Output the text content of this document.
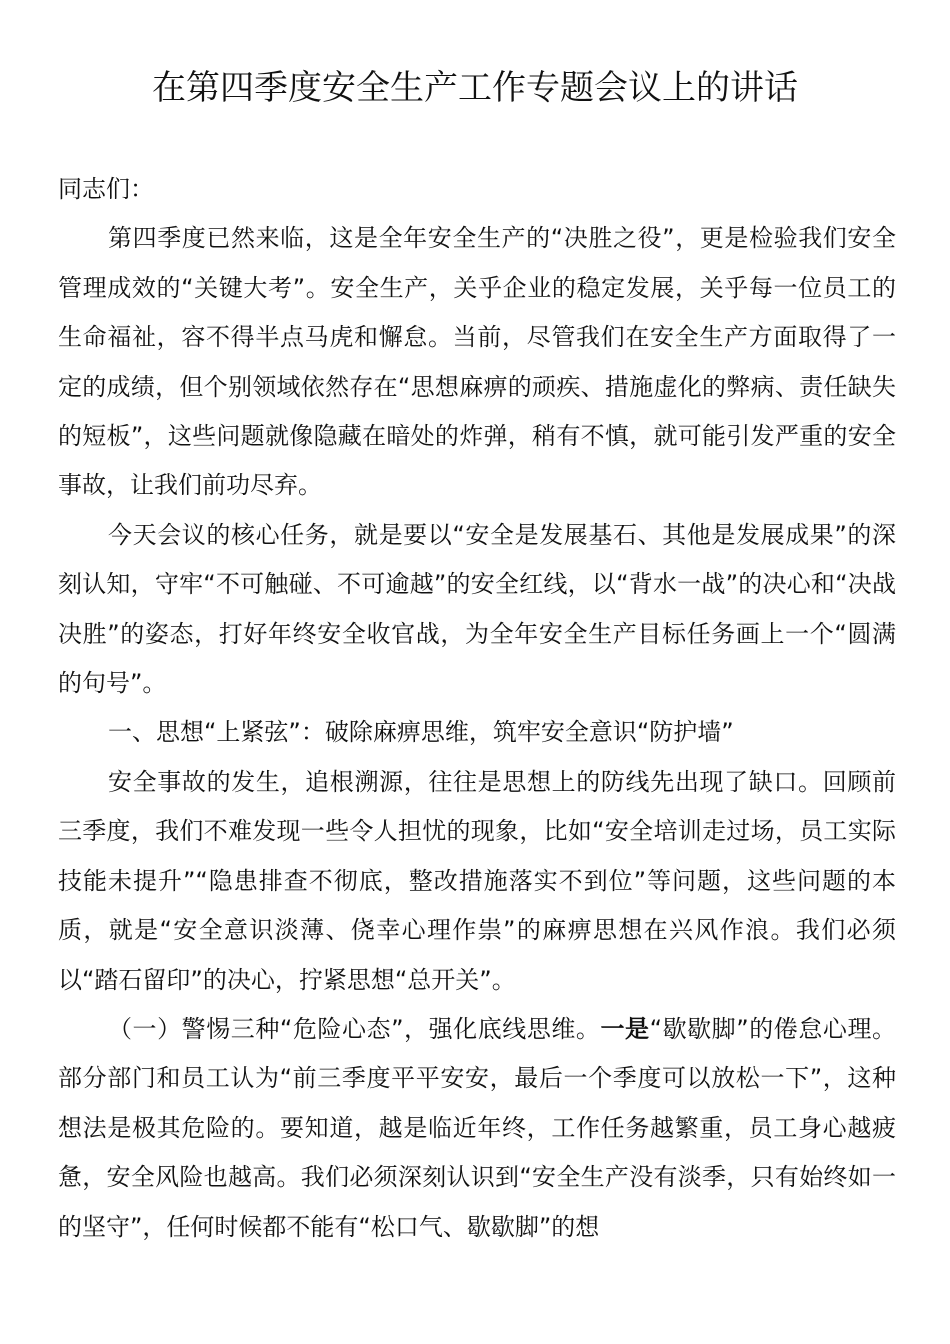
在第四季度安全生产工作专题会议上的讲话

同志们：

第四季度已然来临，这是全年安全生产的“决胜之役”，更是检验我们安全管理成效的“关键大考”。安全生产，关乎企业的稳定发展，关乎每一位员工的生命福祉，容不得半点马虎和懈怠。当前，尽管我们在安全生产方面取得了一定的成绩，但个别领域依然存在“思想麻痹的顽疾、措施虚化的弊病、责任缺失的短板”，这些问题就像隐藏在暗处的炸弹，稍有不慎，就可能引发严重的安全事故，让我们前功尽弃。

今天会议的核心任务，就是要以“安全是发展基石、其他是发展成果”的深刻认知，守牢“不可触碰、不可逾越”的安全红线，以“背水一战”的决心和“决战决胜”的姿态，打好年终安全收官战，为全年安全生产目标任务画上一个“圆满的句号”。

一、思想“上紧弦”：破除麻痹思维，筑牢安全意识“防护墙”

安全事故的发生，追根溯源，往往是思想上的防线先出现了缺口。回顾前三季度，我们不难发现一些令人担忧的现象，比如“安全培训走过场，员工实际技能未提升”“隐患排查不彻底，整改措施落实不到位”等问题，这些问题的本质，就是“安全意识淡薄、侥幸心理作祟”的麻痹思想在兴风作浪。我们必须以“踏石留印”的决心，拧紧思想“总开关”。

（一）警惕三种“危险心态”，强化底线思维。一是“歇歇脚”的倦怠心理。部分部门和员工认为“前三季度平平安安，最后一个季度可以放松一下”，这种想法是极其危险的。要知道，越是临近年终，工作任务越繁重，员工身心越疲惫，安全风险也越高。我们必须深刻认识到“安全生产没有淡季，只有始终如一的坚守”，任何时候都不能有“松口气、歇歇脚”的想
